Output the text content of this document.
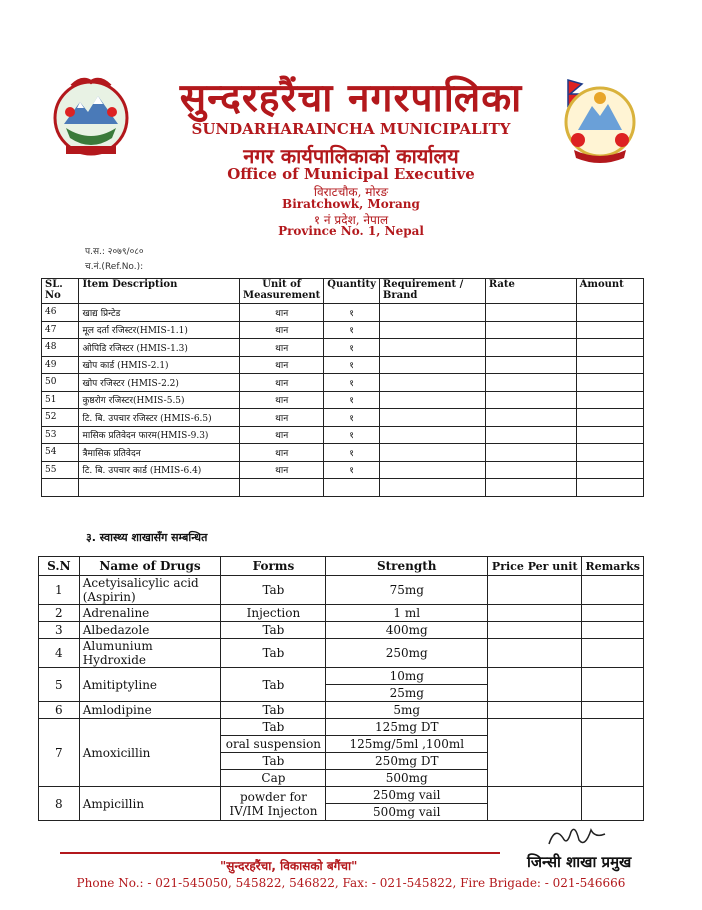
सुन्दरहरैंचा नगरपालिका
SUNDARHARAINCHA MUNICIPALITY
नगर कार्यपालिकाको कार्यालय
Office of Municipal Executive
विराटचौक, मोरङ
Biratchowk, Morang
१ नं प्रदेश, नेपाल
Province No. 1, Nepal
प.स.: २०७९/०८०
च.नं.(Ref.No.):
SL. No	Item Description	Unit of Measurement	Quantity	Requirement / Brand	Rate	Amount
46	खाद्य प्रिन्टेड	थान	१			
47	मूल दर्ता रजिस्टर(HMIS-1.1)	थान	१			
48	ओपिडि रजिस्टर (HMIS-1.3)	थान	१			
49	खोप कार्ड (HMIS-2.1)	थान	१			
50	खोप रजिस्टर (HMIS-2.2)	थान	१			
51	कुष्ठरोग रजिस्टर(HMIS-5.5)	थान	१			
52	टि. बि. उपचार रजिस्टर (HMIS-6.5)	थान	१			
53	मासिक प्रतिवेदन फारम(HMIS-9.3)	थान	१			
54	त्रैमासिक प्रतिवेदन	थान	१			
55	टि. बि. उपचार कार्ड (HMIS-6.4)	थान	१			

३. स्वास्थ्य शाखासँग सम्बन्धित
S.N	Name of Drugs	Forms	Strength	Price Per unit	Remarks
1	Acetyisalicylic acid (Aspirin)	Tab	75mg		
2	Adrenaline	Injection	1 ml		
3	Albedazole	Tab	400mg		
4	Alumunium Hydroxide	Tab	250mg		
5	Amitiptyline	Tab	10mg		
			25mg		
6	Amlodipine	Tab	5mg		
7	Amoxicillin	Tab	125mg DT		
		oral suspension	125mg/5ml ,100ml		
		Tab	250mg DT		
		Cap	500mg		
8	Ampicillin	powder for IV/IM Injecton	250mg vail		
			500mg vail		
"सुन्दरहरैंचा, विकासको बगैंचा"	जिन्सी शाखा प्रमुख
Phone No.: - 021-545050, 545822, 546822, Fax: - 021-545822, Fire Brigade: - 021-546666
